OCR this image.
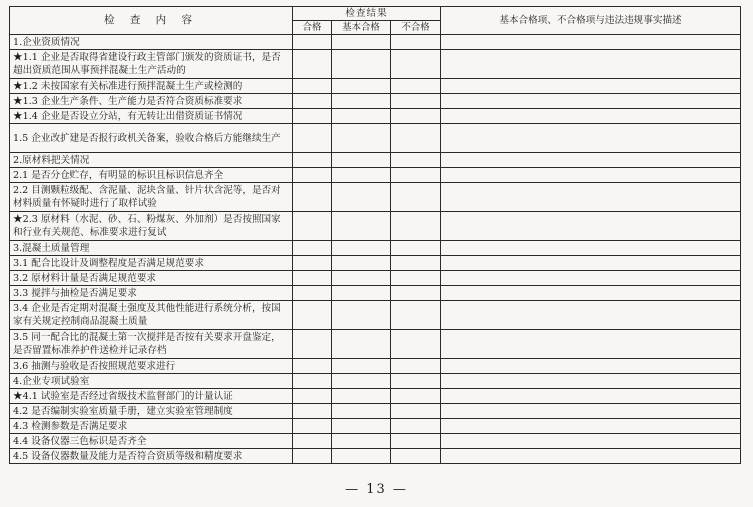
检 查 内 容	检查结果			基本合格项、不合格项与违法违规事实描述
	合格	基本合格	不合格	
1.企业资质情况				
★1.1 企业是否取得省建设行政主管部门颁发的资质证书，是否超出资质范围从事预拌混凝土生产活动的				
★1.2 未按国家有关标准进行预拌混凝土生产或检测的				
★1.3 企业生产条件、生产能力是否符合资质标准要求				
★1.4 企业是否设立分站，有无转让出借资质证书情况				
1.5 企业改扩建是否报行政机关备案，验收合格后方能继续生产				
2.原材料把关情况				
2.1 是否分仓贮存，有明显的标识且标识信息齐全				
2.2 目测颗粒级配、含泥量、泥块含量、针片状含泥等，是否对材料质量有怀疑时进行了取样试验				
★2.3 原材料（水泥、砂、石、粉煤灰、外加剂）是否按照国家和行业有关规范、标准要求进行复试				
3.混凝土质量管理				
3.1 配合比设计及调整程度是否满足规范要求				
3.2 原材料计量是否满足规范要求				
3.3 搅拌与抽检是否满足要求				
3.4 企业是否定期对混凝土强度及其他性能进行系统分析，按国家有关规定控制商品混凝土质量				
3.5 同一配合比的混凝土第一次搅拌是否按有关要求开盘鉴定，是否留置标准养护件送检并记录存档				
3.6 抽测与验收是否按照规范要求进行				
4.企业专项试验室				
★4.1 试验室是否经过省级技术监督部门的计量认证				
4.2 是否编制实验室质量手册，建立实验室管理制度				
4.3 检测参数是否满足要求				
4.4 设备仪器三色标识是否齐全				
4.5 设备仪器数量及能力是否符合资质等级和精度要求				
— 13 —
